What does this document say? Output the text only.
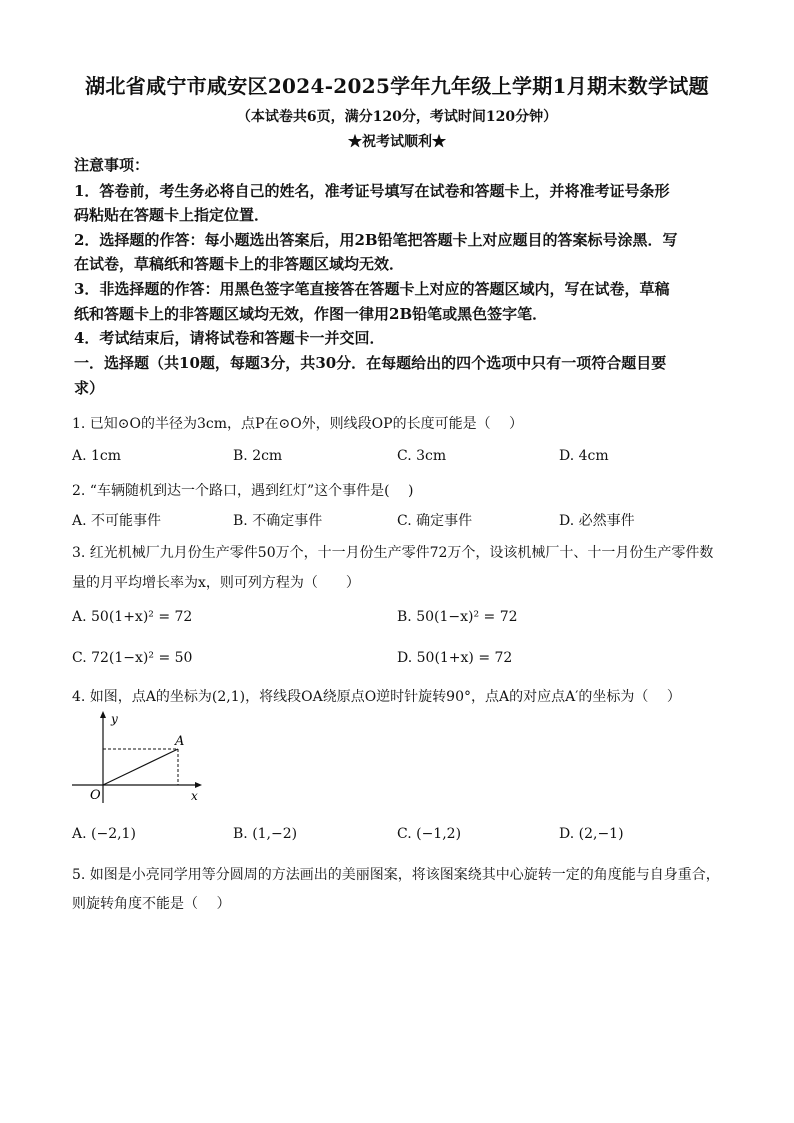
湖北省咸宁市咸安区2024-2025学年九年级上学期1月期末数学试题
（本试卷共6页，满分120分，考试时间120分钟）
★祝考试顺利★
注意事项：
1．答卷前，考生务必将自己的姓名，准考证号填写在试卷和答题卡上，并将准考证号条形
码粘贴在答题卡上指定位置．
2．选择题的作答：每小题选出答案后，用2B铅笔把答题卡上对应题目的答案标号涂黑．写
在试卷，草稿纸和答题卡上的非答题区域均无效．
3．非选择题的作答：用黑色签字笔直接答在答题卡上对应的答题区域内，写在试卷，草稿
纸和答题卡上的非答题区域均无效，作图一律用2B铅笔或黑色签字笔．
4．考试结束后，请将试卷和答题卡一并交回．
一．选择题（共10题，每题3分，共30分．在每题给出的四个选项中只有一项符合题目要
求）
1. 已知⊙O的半径为3cm，点P在⊙O外，则线段OP的长度可能是（　 ）
A. 1cm	B. 2cm	C. 3cm	D. 4cm
2. “车辆随机到达一个路口，遇到红灯”这个事件是(　 )
A. 不可能事件	B. 不确定事件	C. 确定事件	D. 必然事件
3. 红光机械厂九月份生产零件50万个，十一月份生产零件72万个，设该机械厂十、十一月份生产零件数
量的月平均增长率为x，则可列方程为（　　）
A. 50(1+x)² = 72	B. 50(1−x)² = 72
C. 72(1−x)² = 50	D. 50(1+x) = 72
4. 如图，点A的坐标为(2,1)，将线段OA绕原点O逆时针旋转90°，点A的对应点A′的坐标为（　 ）
y
x
O
A
A. (−2,1)	B. (1,−2)	C. (−1,2)	D. (2,−1)
5. 如图是小亮同学用等分圆周的方法画出的美丽图案，将该图案绕其中心旋转一定的角度能与自身重合，
则旋转角度不能是（　 ）
